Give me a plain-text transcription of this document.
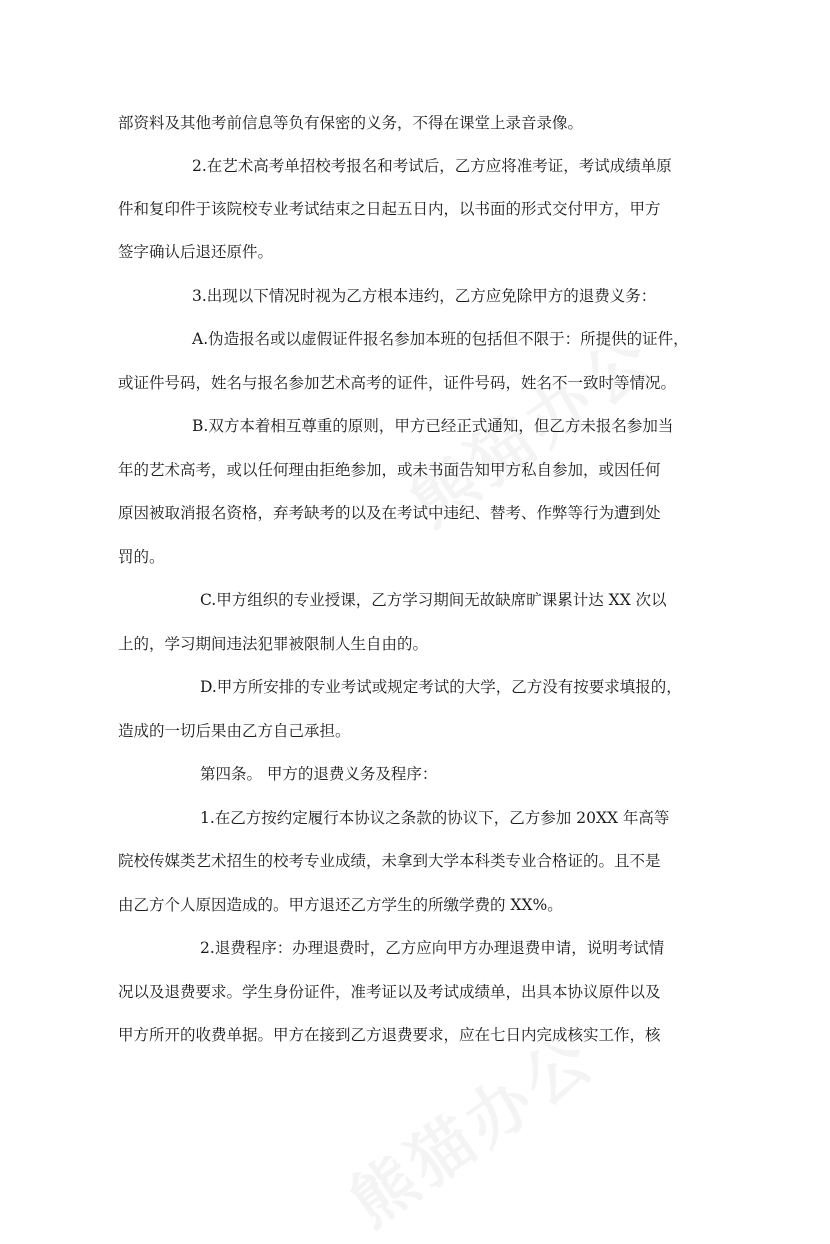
部资料及其他考前信息等负有保密的义务，不得在课堂上录音录像。
2.在艺术高考单招校考报名和考试后，乙方应将准考证，考试成绩单原
件和复印件于该院校专业考试结束之日起五日内，以书面的形式交付甲方，甲方
签字确认后退还原件。
3.出现以下情况时视为乙方根本违约，乙方应免除甲方的退费义务：
A.伪造报名或以虚假证件报名参加本班的包括但不限于：所提供的证件，
或证件号码，姓名与报名参加艺术高考的证件，证件号码，姓名不一致时等情况。
B.双方本着相互尊重的原则，甲方已经正式通知，但乙方未报名参加当
年的艺术高考，或以任何理由拒绝参加，或未书面告知甲方私自参加，或因任何
原因被取消报名资格，弃考缺考的以及在考试中违纪、替考、作弊等行为遭到处
罚的。
C.甲方组织的专业授课，乙方学习期间无故缺席旷课累计达 XX 次以
上的，学习期间违法犯罪被限制人生自由的。
D.甲方所安排的专业考试或规定考试的大学，乙方没有按要求填报的，
造成的一切后果由乙方自己承担。
第四条。 甲方的退费义务及程序：
1.在乙方按约定履行本协议之条款的协议下，乙方参加 20XX 年高等
院校传媒类艺术招生的校考专业成绩，未拿到大学本科类专业合格证的。且不是
由乙方个人原因造成的。甲方退还乙方学生的所缴学费的 XX%。
2.退费程序：办理退费时，乙方应向甲方办理退费申请，说明考试情
况以及退费要求。学生身份证件，准考证以及考试成绩单，出具本协议原件以及
甲方所开的收费单据。甲方在接到乙方退费要求，应在七日内完成核实工作，核
